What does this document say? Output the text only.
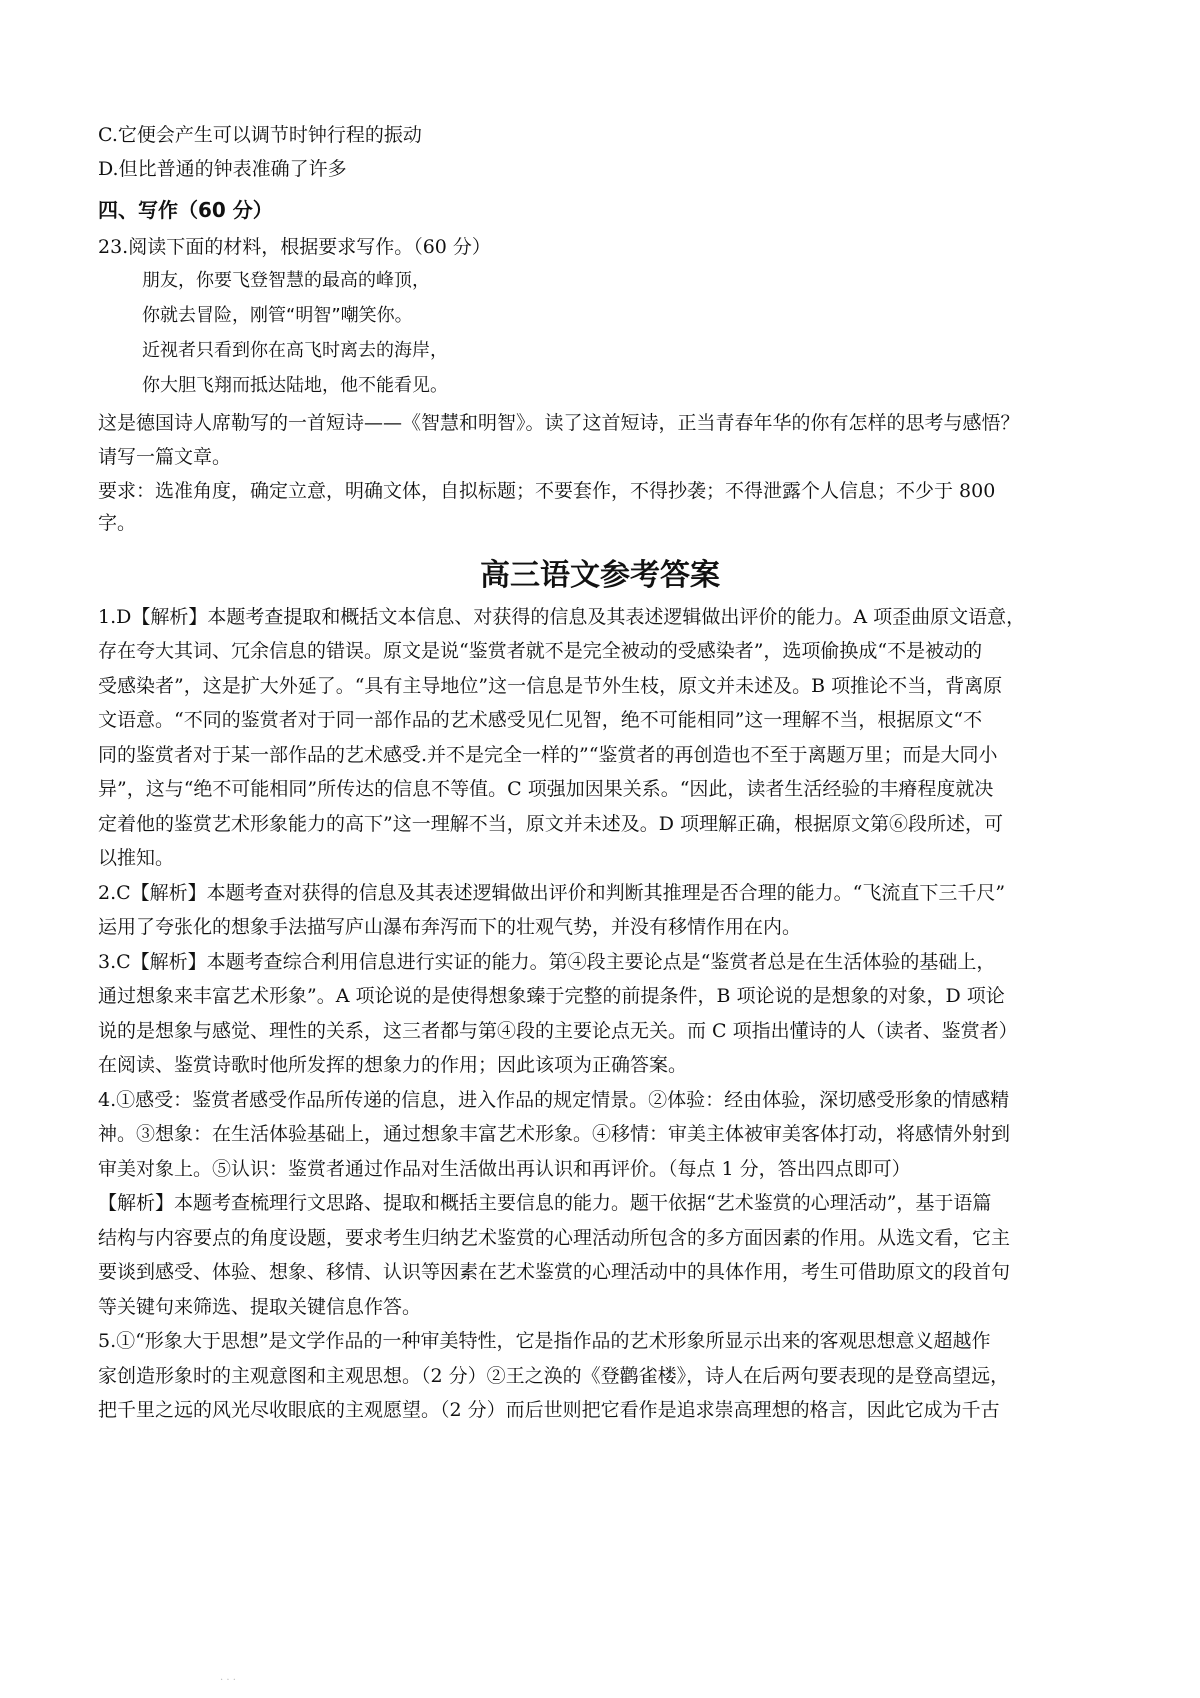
C.它便会产生可以调节时钟行程的振动
D.但比普通的钟表准确了许多
四、写作（60 分）
23.阅读下面的材料，根据要求写作。（60 分）
朋友，你要飞登智慧的最高的峰顶，
你就去冒险，刚管“明智”嘲笑你。
近视者只看到你在高飞时离去的海岸，
你大胆飞翔而抵达陆地，他不能看见。
这是德国诗人席勒写的一首短诗——《智慧和明智》。读了这首短诗，正当青春年华的你有怎样的思考与感悟？
请写一篇文章。
要求：选准角度，确定立意，明确文体，自拟标题；不要套作，不得抄袭；不得泄露个人信息；不少于 800
字。
高三语文参考答案
1.D【解析】本题考查提取和概括文本信息、对获得的信息及其表述逻辑做出评价的能力。A 项歪曲原文语意，
存在夸大其词、冗余信息的错误。原文是说“鉴赏者就不是完全被动的受感染者”，选项偷换成“不是被动的
受感染者”，这是扩大外延了。“具有主导地位”这一信息是节外生枝，原文并未述及。B 项推论不当，背离原
文语意。“不同的鉴赏者对于同一部作品的艺术感受见仁见智，绝不可能相同”这一理解不当，根据原文“不
同的鉴赏者对于某一部作品的艺术感受.并不是完全一样的”“鉴赏者的再创造也不至于离题万里；而是大同小
异”，这与“绝不可能相同”所传达的信息不等值。C 项强加因果关系。“因此，读者生活经验的丰瘠程度就决
定着他的鉴赏艺术形象能力的高下”这一理解不当，原文并未述及。D 项理解正确，根据原文第⑥段所述，可
以推知。
2.C【解析】本题考查对获得的信息及其表述逻辑做出评价和判断其推理是否合理的能力。“飞流直下三千尺”
运用了夸张化的想象手法描写庐山瀑布奔泻而下的壮观气势，并没有移情作用在内。
3.C【解析】本题考查综合利用信息进行实证的能力。第④段主要论点是“鉴赏者总是在生活体验的基础上，
通过想象来丰富艺术形象”。A 项论说的是使得想象臻于完整的前提条件，B 项论说的是想象的对象，D 项论
说的是想象与感觉、理性的关系，这三者都与第④段的主要论点无关。而 C 项指出懂诗的人（读者、鉴赏者）
在阅读、鉴赏诗歌时他所发挥的想象力的作用；因此该项为正确答案。
4.①感受：鉴赏者感受作品所传递的信息，进入作品的规定情景。②体验：经由体验，深切感受形象的情感精
神。③想象：在生活体验基础上，通过想象丰富艺术形象。④移情：审美主体被审美客体打动，将感情外射到
审美对象上。⑤认识：鉴赏者通过作品对生活做出再认识和再评价。（每点 1 分，答出四点即可）
【解析】本题考查梳理行文思路、提取和概括主要信息的能力。题干依据“艺术鉴赏的心理活动”，基于语篇
结构与内容要点的角度设题，要求考生归纳艺术鉴赏的心理活动所包含的多方面因素的作用。从选文看，它主
要谈到感受、体验、想象、移情、认识等因素在艺术鉴赏的心理活动中的具体作用，考生可借助原文的段首句
等关键句来筛选、提取关键信息作答。
5.①“形象大于思想”是文学作品的一种审美特性，它是指作品的艺术形象所显示出来的客观思想意义超越作
家创造形象时的主观意图和主观思想。（2 分）②王之涣的《登鹳雀楼》，诗人在后两句要表现的是登高望远，
把千里之远的风光尽收眼底的主观愿望。（2 分）而后世则把它看作是追求崇高理想的格言，因此它成为千古
. . .
